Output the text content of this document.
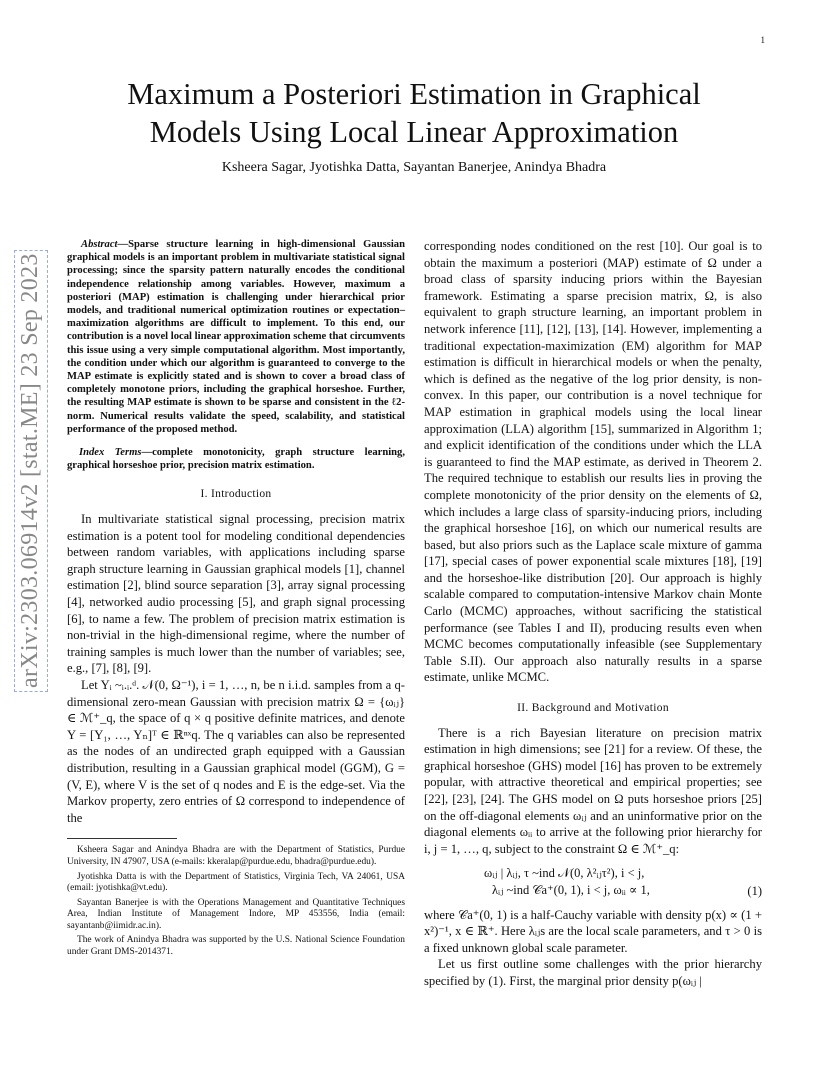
1
Maximum a Posteriori Estimation in Graphical
Models Using Local Linear Approximation
Ksheera Sagar, Jyotishka Datta, Sayantan Banerjee, Anindya Bhadra
arXiv:2303.06914v2 [stat.ME] 23 Sep 2023

Abstract—Sparse structure learning in high-dimensional Gaussian graphical models is an important problem in multivariate statistical signal processing; since the sparsity pattern naturally encodes the conditional independence relationship among variables. However, maximum a posteriori (MAP) estimation is challenging under hierarchical prior models, and traditional numerical optimization routines or expectation–maximization algorithms are difficult to implement. To this end, our contribution is a novel local linear approximation scheme that circumvents this issue using a very simple computational algorithm. Most importantly, the condition under which our algorithm is guaranteed to converge to the MAP estimate is explicitly stated and is shown to cover a broad class of completely monotone priors, including the graphical horseshoe. Further, the resulting MAP estimate is shown to be sparse and consistent in the ℓ2-norm. Numerical results validate the speed, scalability, and statistical performance of the proposed method.

Index Terms—complete monotonicity, graph structure learning, graphical horseshoe prior, precision matrix estimation.

I. Introduction

In multivariate statistical signal processing, precision matrix estimation is a potent tool for modeling conditional dependencies between random variables, with applications including sparse graph structure learning in Gaussian graphical models [1], channel estimation [2], blind source separation [3], array signal processing [4], networked audio processing [5], and graph signal processing [6], to name a few. The problem of precision matrix estimation is non-trivial in the high-dimensional regime, where the number of training samples is much lower than the number of variables; see, e.g., [7], [8], [9].

Let Yᵢ ~ᵢ.ᵢ.ᵈ. 𝒩(0, Ω⁻¹), i = 1, …, n, be n i.i.d. samples from a q-dimensional zero-mean Gaussian with precision matrix Ω = {ωᵢⱼ} ∈ ℳ⁺_q, the space of q × q positive definite matrices, and denote Y = [Y₁, …, Yₙ]ᵀ ∈ ℝⁿˣq. The q variables can also be represented as the nodes of an undirected graph equipped with a Gaussian distribution, resulting in a Gaussian graphical model (GGM), G = (V, E), where V is the set of q nodes and E is the edge-set. Via the Markov property, zero entries of Ω correspond to independence of the

Ksheera Sagar and Anindya Bhadra are with the Department of Statistics, Purdue University, IN 47907, USA (e-mails: kkeralap@purdue.edu, bhadra@purdue.edu).
Jyotishka Datta is with the Department of Statistics, Virginia Tech, VA 24061, USA (email: jyotishka@vt.edu).
Sayantan Banerjee is with the Operations Management and Quantitative Techniques Area, Indian Institute of Management Indore, MP 453556, India (email: sayantanb@iimidr.ac.in).
The work of Anindya Bhadra was supported by the U.S. National Science Foundation under Grant DMS-2014371.

corresponding nodes conditioned on the rest [10]. Our goal is to obtain the maximum a posteriori (MAP) estimate of Ω under a broad class of sparsity inducing priors within the Bayesian framework. Estimating a sparse precision matrix, Ω, is also equivalent to graph structure learning, an important problem in network inference [11], [12], [13], [14]. However, implementing a traditional expectation-maximization (EM) algorithm for MAP estimation is difficult in hierarchical models or when the penalty, which is defined as the negative of the log prior density, is non-convex. In this paper, our contribution is a novel technique for MAP estimation in graphical models using the local linear approximation (LLA) algorithm [15], summarized in Algorithm 1; and explicit identification of the conditions under which the LLA is guaranteed to find the MAP estimate, as derived in Theorem 2. The required technique to establish our results lies in proving the complete monotonicity of the prior density on the elements of Ω, which includes a large class of sparsity-inducing priors, including the graphical horseshoe [16], on which our numerical results are based, but also priors such as the Laplace scale mixture of gamma [17], special cases of power exponential scale mixtures [18], [19] and the horseshoe-like distribution [20]. Our approach is highly scalable compared to computation-intensive Markov chain Monte Carlo (MCMC) approaches, without sacrificing the statistical performance (see Tables I and II), producing results even when MCMC becomes computationally infeasible (see Supplementary Table S.II). Our approach also naturally results in a sparse estimate, unlike MCMC.

II. Background and Motivation

There is a rich Bayesian literature on precision matrix estimation in high dimensions; see [21] for a review. Of these, the graphical horseshoe (GHS) model [16] has proven to be extremely popular, with attractive theoretical and empirical properties; see [22], [23], [24]. The GHS model on Ω puts horseshoe priors [25] on the off-diagonal elements ωᵢⱼ and an uninformative prior on the diagonal elements ωᵢᵢ to arrive at the following prior hierarchy for i, j = 1, …, q, subject to the constraint Ω ∈ ℳ⁺_q:

ωᵢⱼ | λᵢⱼ, τ ~ind 𝒩(0, λ²ᵢⱼτ²), i < j,
λᵢⱼ ~ind 𝒞a⁺(0, 1), i < j, ωᵢᵢ ∝ 1,	(1)

where 𝒞a⁺(0, 1) is a half-Cauchy variable with density p(x) ∝ (1 + x²)⁻¹, x ∈ ℝ⁺. Here λᵢⱼs are the local scale parameters, and τ > 0 is a fixed unknown global scale parameter.

Let us first outline some challenges with the prior hierarchy specified by (1). First, the marginal prior density p(ωᵢⱼ |
